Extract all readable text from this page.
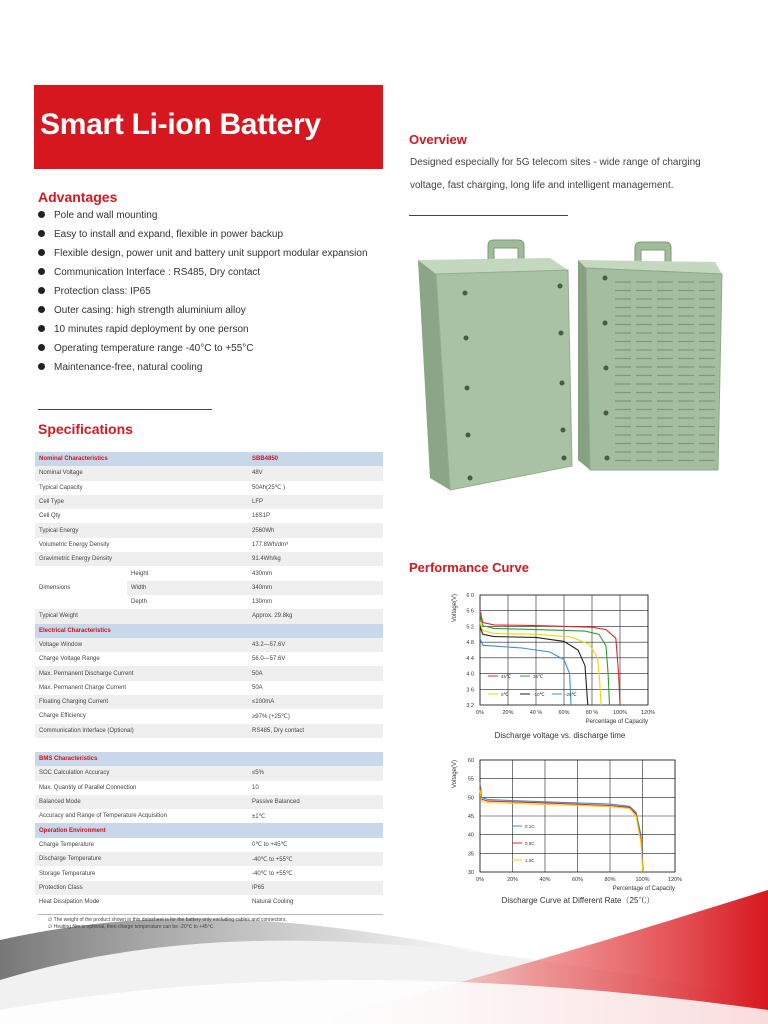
Smart Li-ion Battery	Overview
Designed especially for 5G telecom sites - wide range of charging
voltage, fast charging, long life and intelligent management.
Advantages
Pole and wall mounting
Easy to install and expand, flexible in power backup
Flexible design, power unit and battery unit support modular expansion
Communication Interface : RS485, Dry contact
Protection class: IP65
Outer casing: high strength aluminium alloy
10 minutes rapid deployment by one person
Operating temperature range -40°C to +55°C
Maintenance-free, natural cooling
Specifications
Nominal Characteristics		SBB4850
Nominal Voltage		48V
Typical Capacity		50Ah(25℃ )
Cell Type		LFP
Cell Qty		16S1P
Typical Energy		2560Wh
Volumetric Energy Density		177.8Wh/dm³
Gravimetric Energy Density		91.4Wh/kg
Dimensions	Height	430mm
	Width	340mm
	Depth	130mm
Typical Weight		Approx. 29.8kg
Electrical Characteristics		
Voltage Window		43.2—57.6V
Charge Voltage Range		56.0—57.6V
Max. Permanent Discharge Current		50A
Max. Permanent Charge Current		50A
Floating Charging Current		≤100mA
Charge Efficiency		≥97% (+25℃)
Communication Interface (Optional)		RS485, Dry contact
BMS Characteristics	
SOC Calculation Accuracy	≤5%
Max. Quantity of Parallel Connection	10
Balanced Mode	Passive Balanced
Accuracy and Range of Temperature Acquisition	±1℃
Operation Environment	
Charge Temperature	0℃ to +45℃
Discharge Temperature	-40℃ to +55℃
Storage Temperature	-40℃ to +55℃
Protection Class	IP65
Heat Dissipation Mode	Natural Cooling
∅ The weight of the product shown in this datasheet is for the battery only excluding cables and connectors.
∅ Heating film is optional, then charge temperature can be -20℃ to +45℃.
Performance Curve
0%	20%	40 %	60%	80 %	100%	120%
3 2
3 6
4 0
4 4
4 8
5 2
5 6
6 0
45℃	25℃
0℃	-10℃	-20℃
Percentage of Capacity
Voltage(V)
Discharge voltage vs. discharge time
0%	20%	40%	60%	80%	100%	120%
30
35
40
45
50
55
60
0.1C
0.5C
1.0C
Percentage of Capacity
Voltage(V)
Discharge Curve at Different Rate（25℃）
